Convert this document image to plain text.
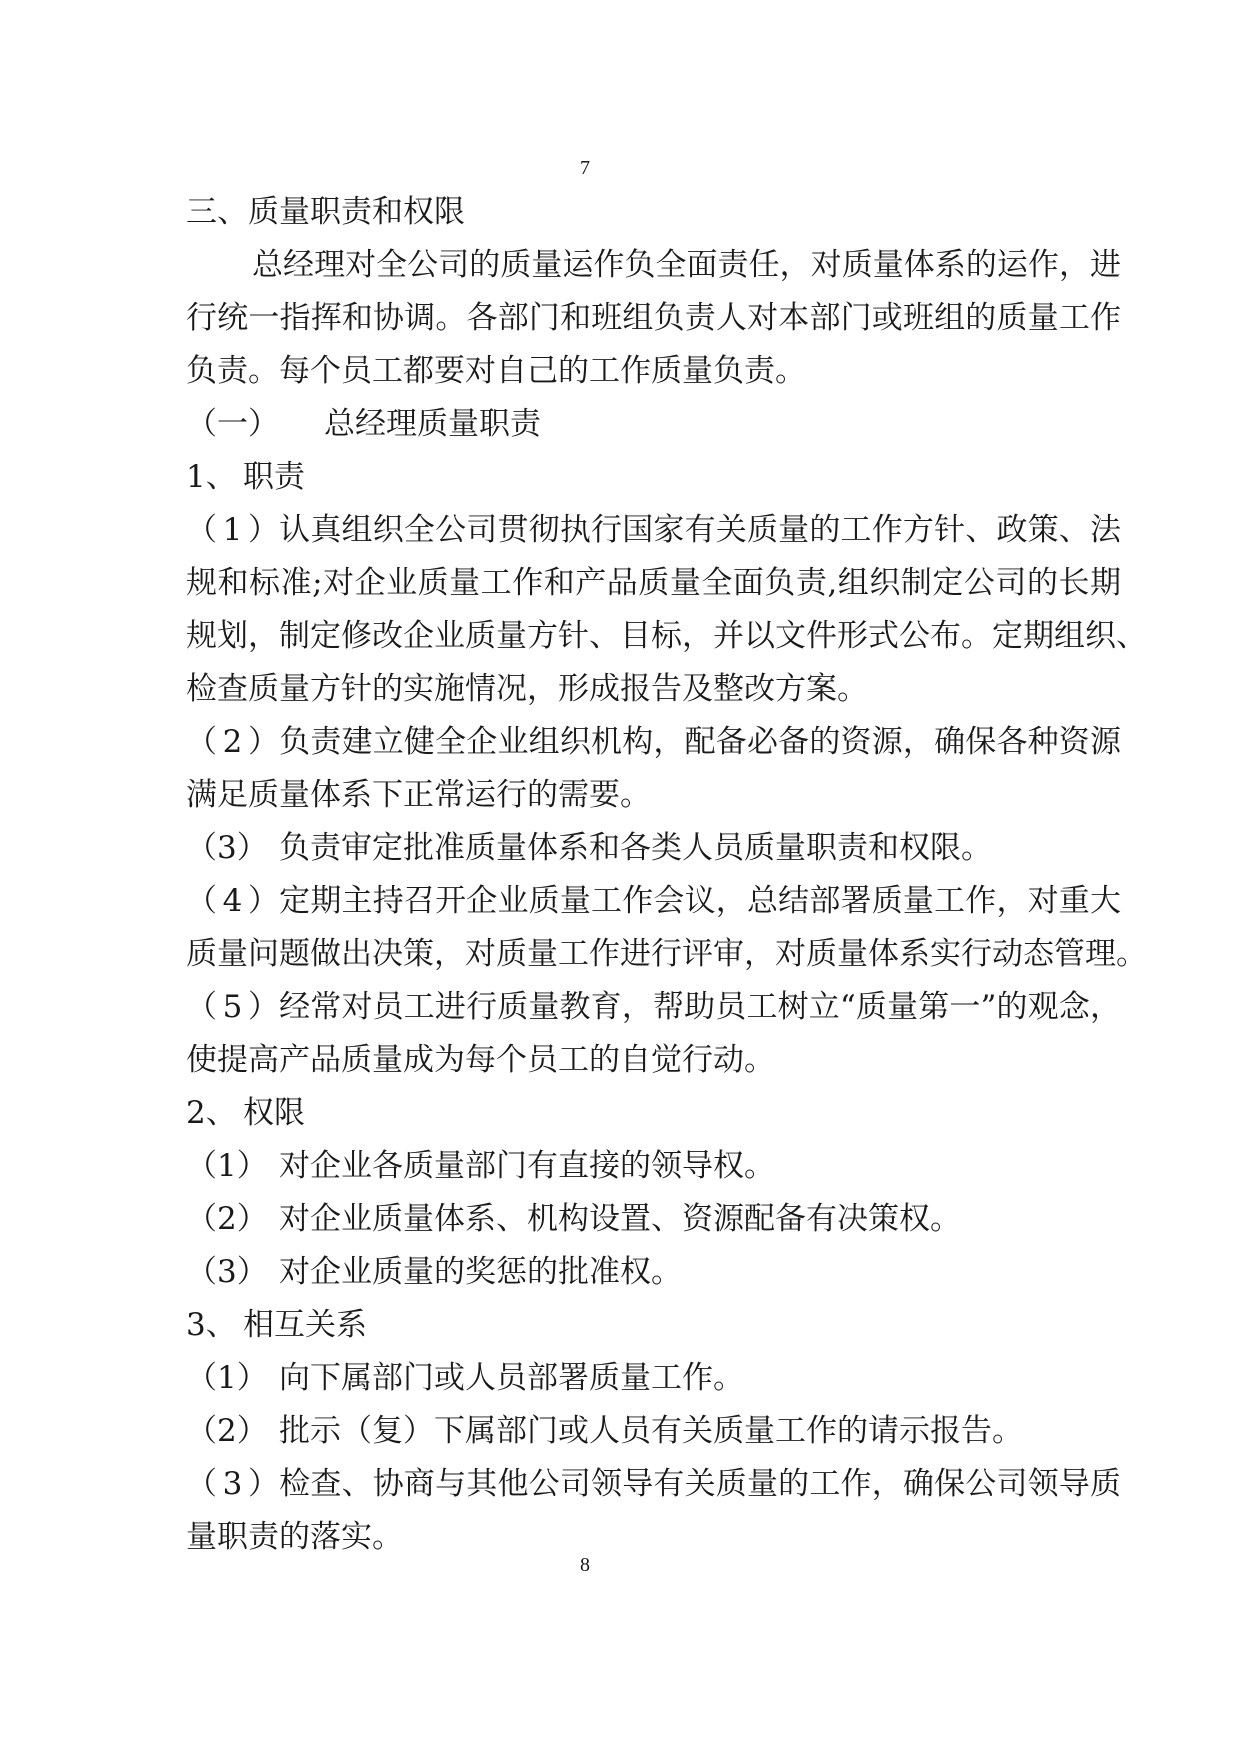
7
三、质量职责和权限
总经理对全公司的质量运作负全面责任，对质量体系的运作，进
行统一指挥和协调。各部门和班组负责人对本部门或班组的质量工作
负责。每个员工都要对自己的工作质量负责。
（一） 总经理质量职责
1、 职责
（1）认真组织全公司贯彻执行国家有关质量的工作方针、政策、法
规和标准;对企业质量工作和产品质量全面负责,组织制定公司的长期
规划，制定修改企业质量方针、目标，并以文件形式公布。定期组织、
检查质量方针的实施情况，形成报告及整改方案。
（2）负责建立健全企业组织机构，配备必备的资源，确保各种资源
满足质量体系下正常运行的需要。
（3） 负责审定批准质量体系和各类人员质量职责和权限。
（4）定期主持召开企业质量工作会议，总结部署质量工作，对重大
质量问题做出决策，对质量工作进行评审，对质量体系实行动态管理。
（5）经常对员工进行质量教育，帮助员工树立“质量第一”的观念，
使提高产品质量成为每个员工的自觉行动。
2、 权限
（1） 对企业各质量部门有直接的领导权。
（2） 对企业质量体系、机构设置、资源配备有决策权。
（3） 对企业质量的奖惩的批准权。
3、 相互关系
（1） 向下属部门或人员部署质量工作。
（2） 批示（复）下属部门或人员有关质量工作的请示报告。
（3）检查、协商与其他公司领导有关质量的工作，确保公司领导质
量职责的落实。
8
